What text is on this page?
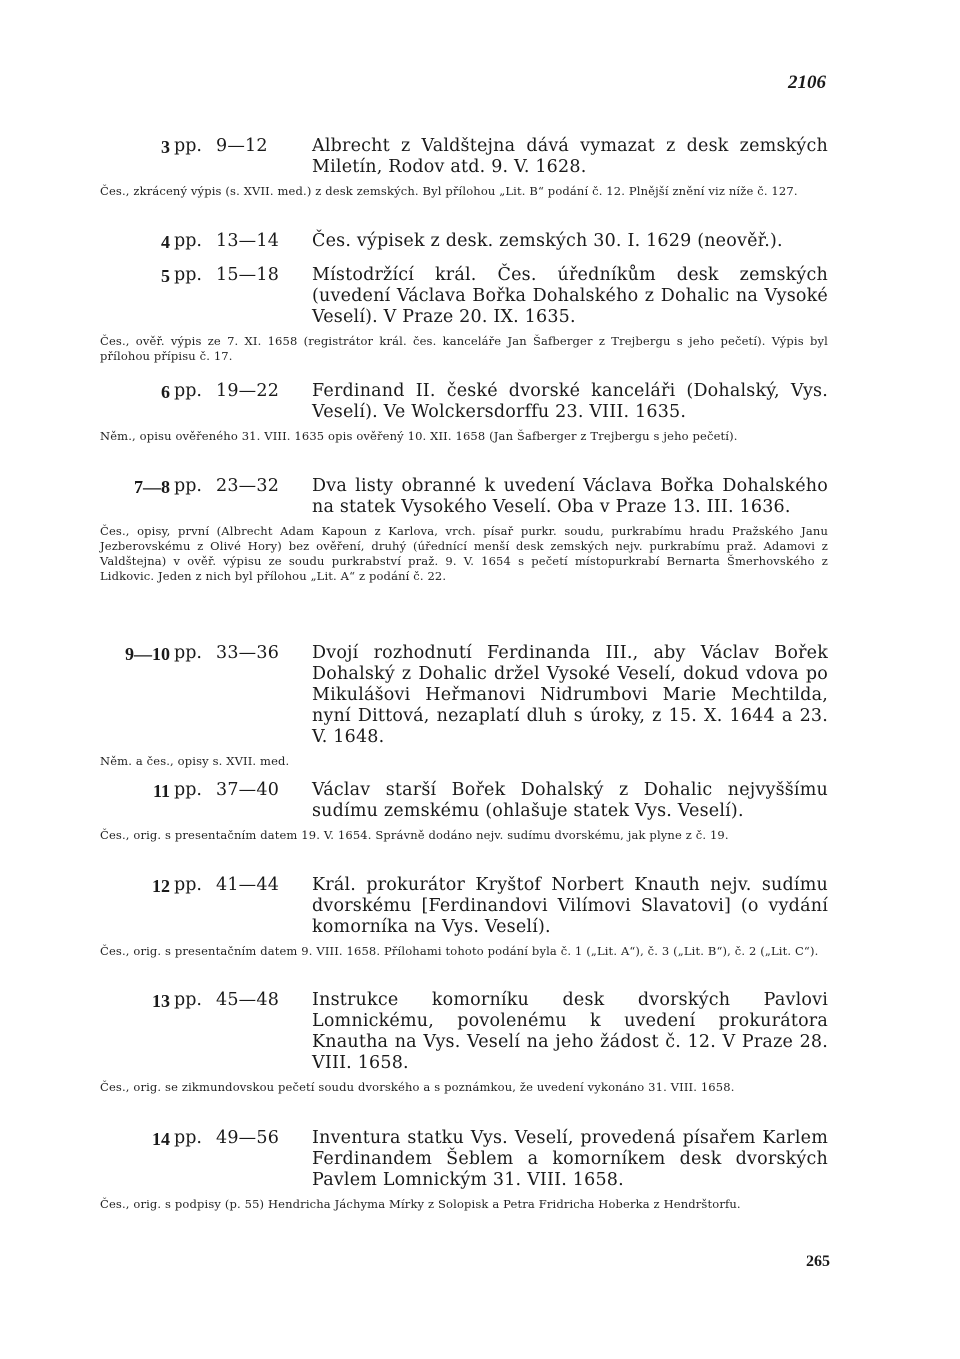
2106
3 pp. 9—12	Albrecht z Valdštejna dává vymazat z desk zemských Miletín, Rodov atd. 9. V. 1628.
Čes., zkrácený výpis (s. XVII. med.) z desk zemských. Byl přílohou „Lit. B“ podání č. 12. Plnější znění viz níže č. 127.
4 pp. 13—14	Čes. výpisek z desk. zemských 30. I. 1629 (neověř.).
5 pp. 15—18	Místodržící král. Čes. úředníkům desk zemských (uvedení Václava Bořka Dohalského z Dohalic na Vysoké Veselí). V Praze 20. IX. 1635.
Čes., ověř. výpis ze 7. XI. 1658 (registrátor král. čes. kanceláře Jan Šafberger z Trejbergu s jeho pečetí). Výpis byl přílohou přípisu č. 17.
6 pp. 19—22	Ferdinand II. české dvorské kanceláři (Dohalský, Vys. Veselí). Ve Wolckersdorffu 23. VIII. 1635.
Něm., opisu ověřeného 31. VIII. 1635 opis ověřený 10. XII. 1658 (Jan Šafberger z Trejbergu s jeho pečetí).
7—8 pp. 23—32	Dva listy obranné k uvedení Václava Bořka Dohalského na statek Vysokého Veselí. Oba v Praze 13. III. 1636.
Čes., opisy, první (Albrecht Adam Kapoun z Karlova, vrch. písař purkr. soudu, purkrabímu hradu Pražského Janu Jezberovskému z Olivé Hory) bez ověření, druhý (úřednící menší desk zemských nejv. purkrabímu praž. Adamovi z Valdštejna) v ověř. výpisu ze soudu purkrabství praž. 9. V. 1654 s pečetí místopurkrabí Bernarta Šmerhovského z Lidkovic. Jeden z nich byl přílohou „Lit. A“ z podání č. 22.
9—10 pp. 33—36	Dvojí rozhodnutí Ferdinanda III., aby Václav Bořek Dohalský z Dohalic držel Vysoké Veselí, dokud vdova po Mikulášovi Heřmanovi Nidrumbovi Marie Mechtilda, nyní Dittová, nezaplatí dluh s úroky, z 15. X. 1644 a 23. V. 1648.
Něm. a čes., opisy s. XVII. med.
11 pp. 37—40	Václav starší Bořek Dohalský z Dohalic nejvyššímu sudímu zemskému (ohlašuje statek Vys. Veselí).
Čes., orig. s presentačním datem 19. V. 1654. Správně dodáno nejv. sudímu dvorskému, jak plyne z č. 19.
12 pp. 41—44	Král. prokurátor Kryštof Norbert Knauth nejv. sudímu dvorskému [Ferdinandovi Vilímovi Slavatovi] (o vydání komorníka na Vys. Veselí).
Čes., orig. s presentačním datem 9. VIII. 1658. Přílohami tohoto podání byla č. 1 („Lit. A“), č. 3 („Lit. B“), č. 2 („Lit. C“).
13 pp. 45—48	Instrukce komorníku desk dvorských Pavlovi Lomnickému, povolenému k uvedení prokurátora Knautha na Vys. Veselí na jeho žádost č. 12. V Praze 28. VIII. 1658.
Čes., orig. se zikmundovskou pečetí soudu dvorského a s poznámkou, že uvedení vykonáno 31. VIII. 1658.
14 pp. 49—56	Inventura statku Vys. Veselí, provedená písařem Karlem Ferdinandem Šeblem a komorníkem desk dvorských Pavlem Lomnickým 31. VIII. 1658.
Čes., orig. s podpisy (p. 55) Hendricha Jáchyma Mírky z Solopisk a Petra Fridricha Hoberka z Hendrštorfu.
265
